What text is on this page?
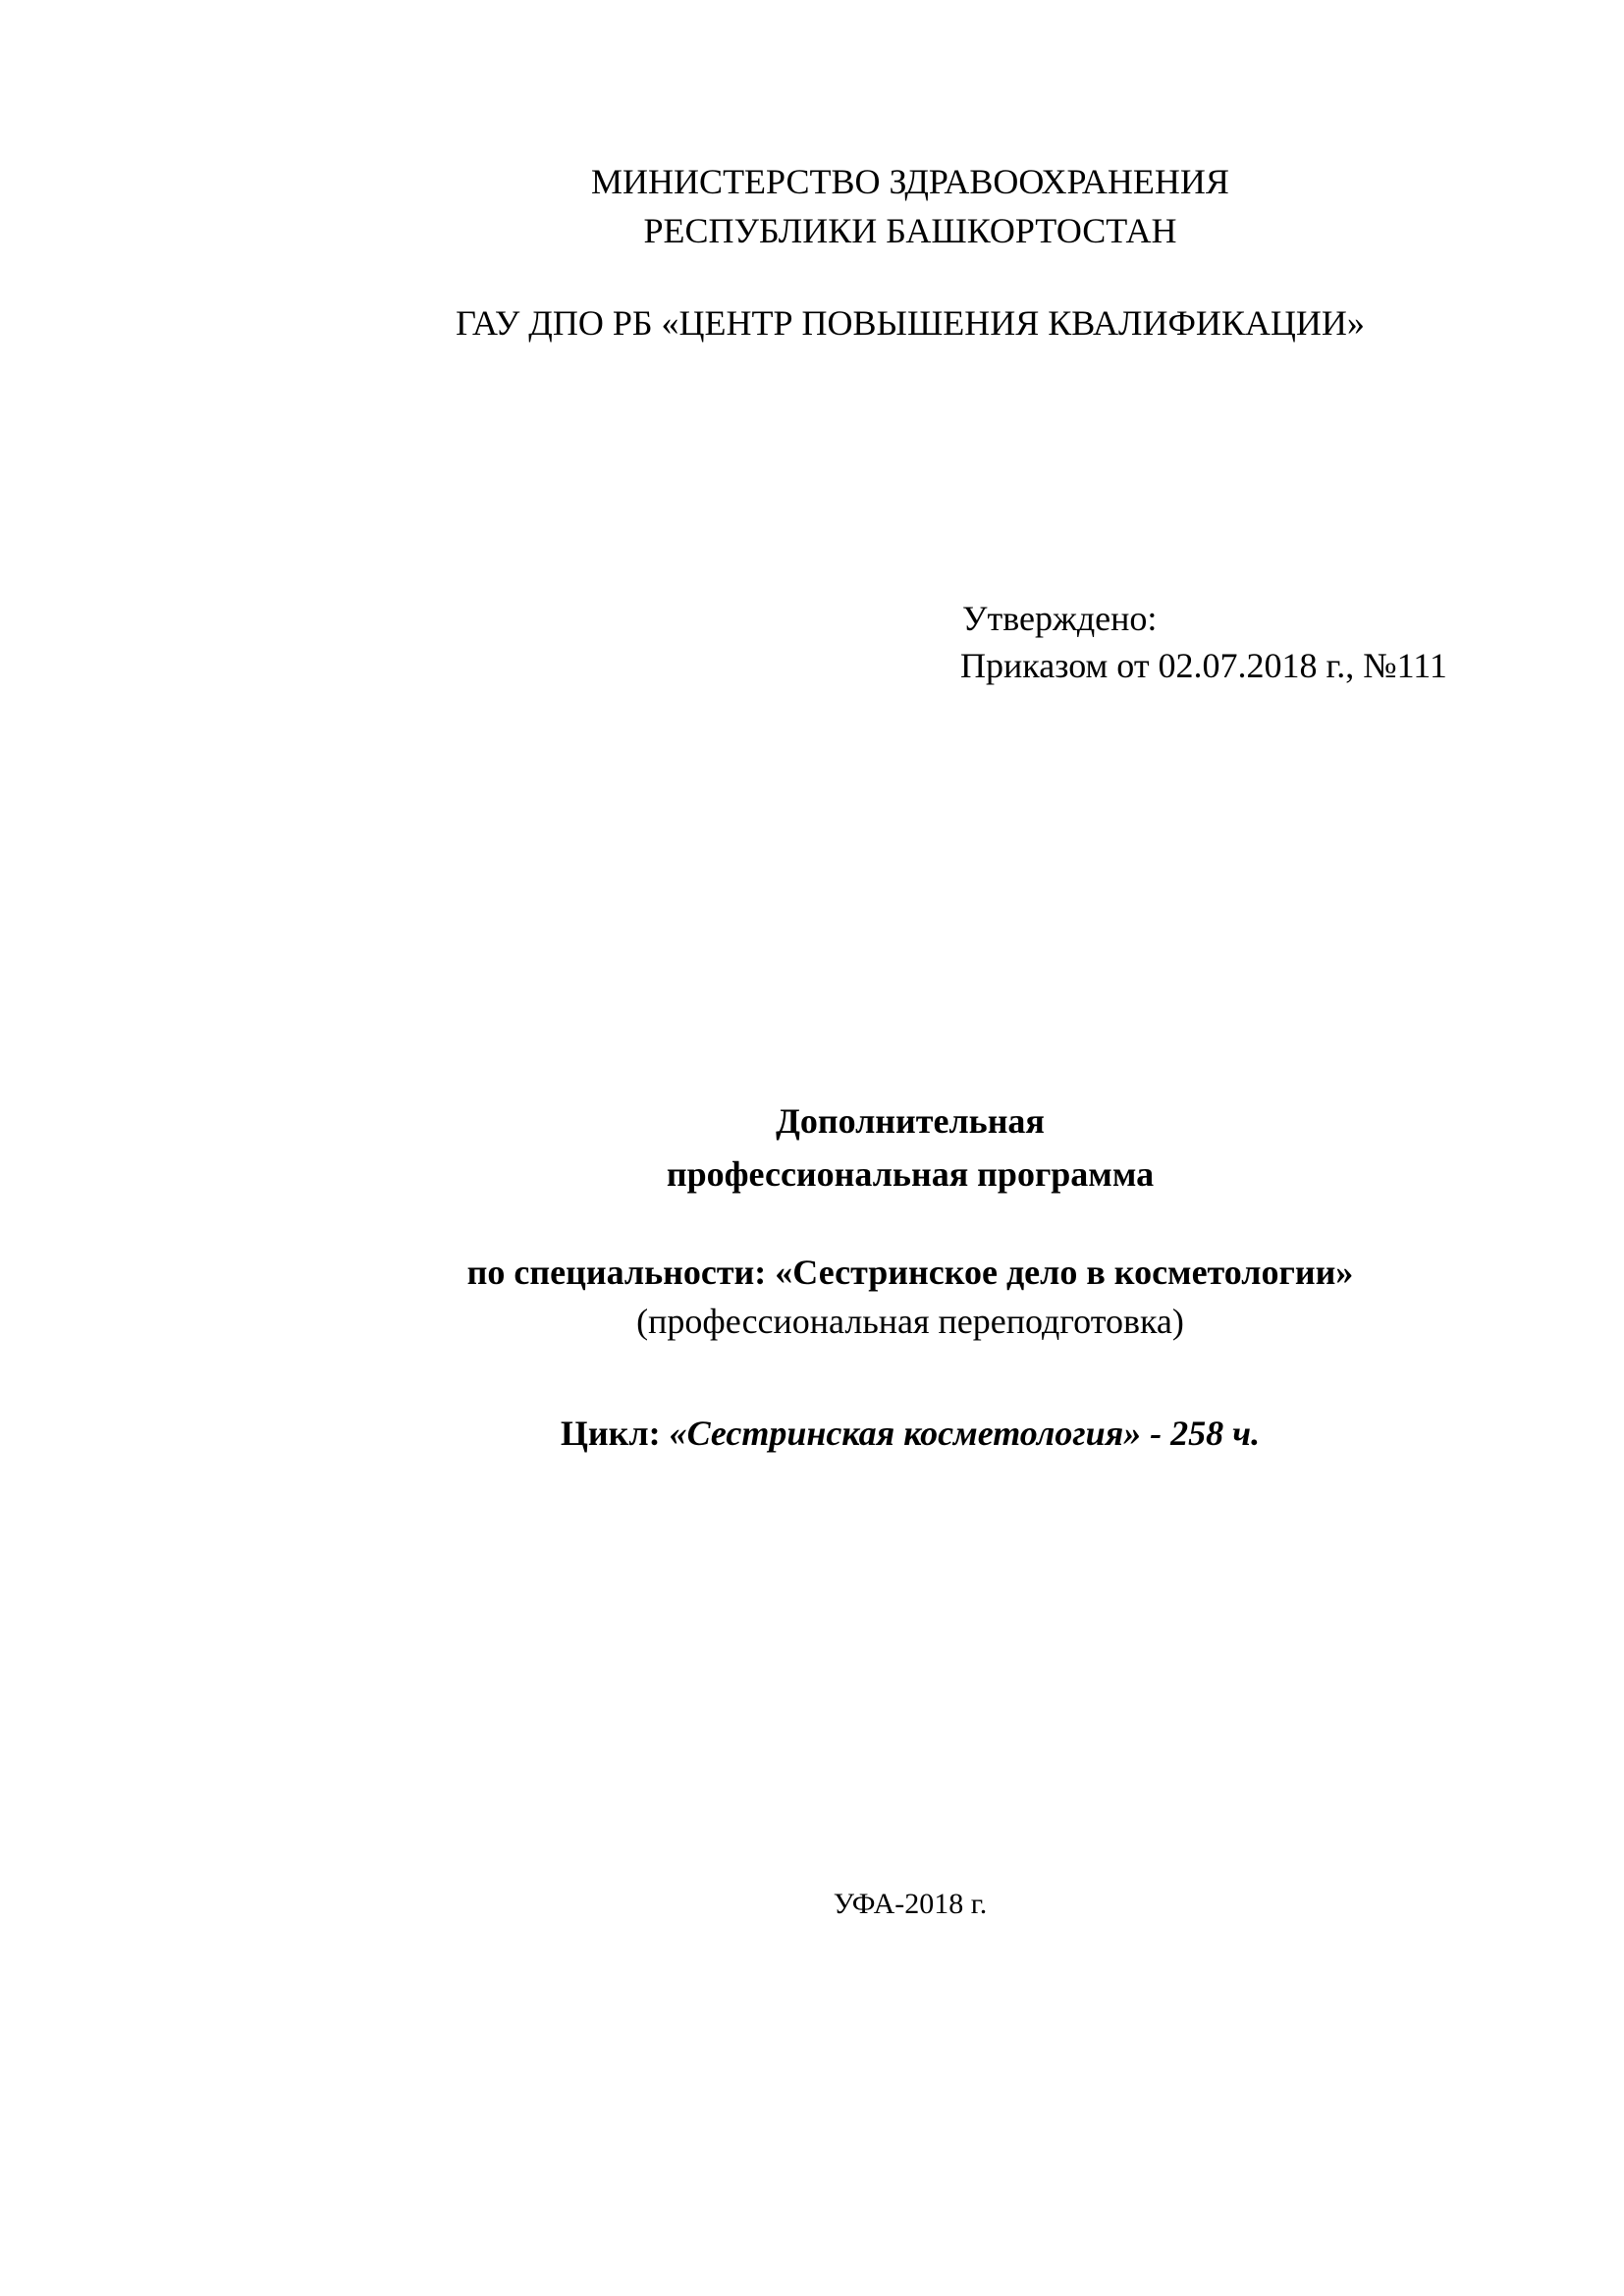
МИНИСТЕРСТВО ЗДРАВООХРАНЕНИЯ
РЕСПУБЛИКИ БАШКОРТОСТАН
ГАУ ДПО РБ «ЦЕНТР ПОВЫШЕНИЯ КВАЛИФИКАЦИИ»
Утверждено:
Приказом от 02.07.2018 г., №111
Дополнительная
профессиональная программа
по специальности: «Сестринское дело в косметологии»
(профессиональная переподготовка)
Цикл: «Сестринская косметология» - 258 ч.
УФА-2018 г.
